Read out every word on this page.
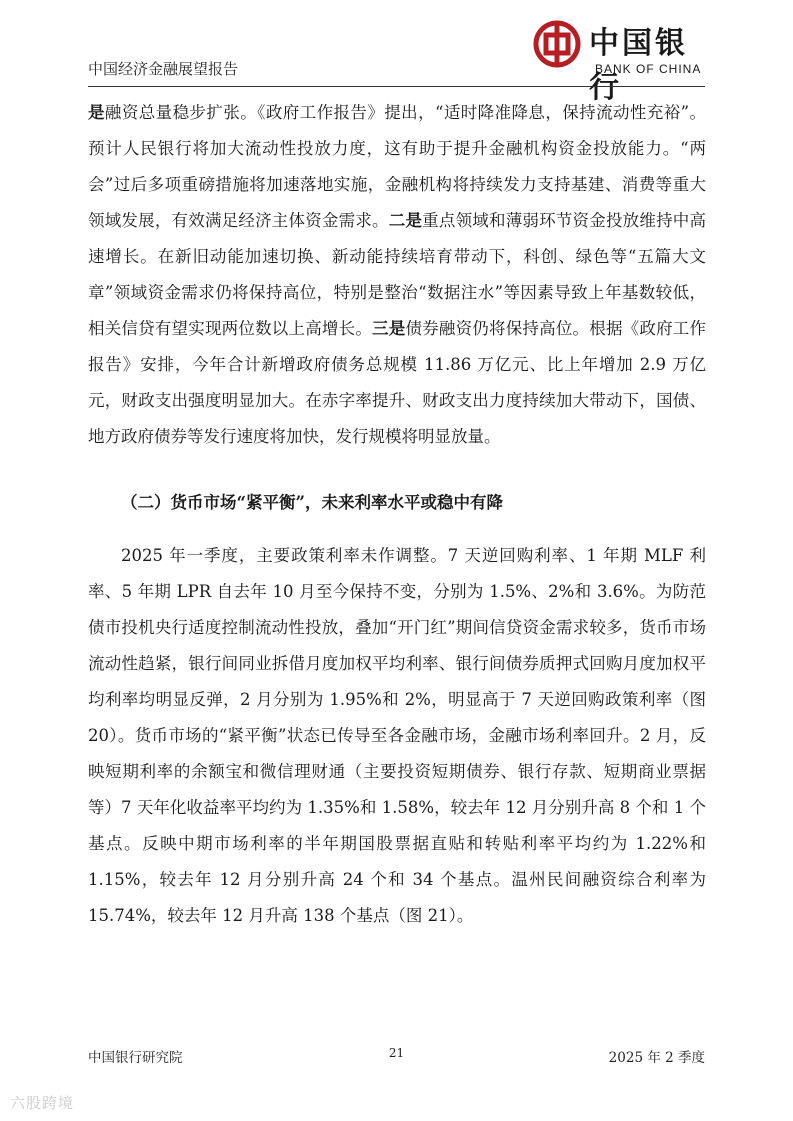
中国经济金融展望报告
中国银行
BANK OF CHINA

是融资总量稳步扩张。《政府工作报告》提出，“适时降准降息，保持流动性充裕”。预计人民银行将加大流动性投放力度，这有助于提升金融机构资金投放能力。“两会”过后多项重磅措施将加速落地实施，金融机构将持续发力支持基建、消费等重大领域发展，有效满足经济主体资金需求。二是重点领域和薄弱环节资金投放维持中高速增长。在新旧动能加速切换、新动能持续培育带动下，科创、绿色等“五篇大文章”领域资金需求仍将保持高位，特别是整治“数据注水”等因素导致上年基数较低，相关信贷有望实现两位数以上高增长。三是债券融资仍将保持高位。根据《政府工作报告》安排，今年合计新增政府债务总规模 11.86 万亿元、比上年增加 2.9 万亿元，财政支出强度明显加大。在赤字率提升、财政支出力度持续加大带动下，国债、地方政府债券等发行速度将加快，发行规模将明显放量。

（二）货币市场“紧平衡”，未来利率水平或稳中有降

2025 年一季度，主要政策利率未作调整。7 天逆回购利率、1 年期 MLF 利率、5 年期 LPR 自去年 10 月至今保持不变，分别为 1.5%、2%和 3.6%。为防范债市投机央行适度控制流动性投放，叠加“开门红”期间信贷资金需求较多，货币市场流动性趋紧，银行间同业拆借月度加权平均利率、银行间债券质押式回购月度加权平均利率均明显反弹，2 月分别为 1.95%和 2%，明显高于 7 天逆回购政策利率（图 20）。货币市场的“紧平衡”状态已传导至各金融市场，金融市场利率回升。2 月，反映短期利率的余额宝和微信理财通（主要投资短期债券、银行存款、短期商业票据等）7 天年化收益率平均约为 1.35%和 1.58%，较去年 12 月分别升高 8 个和 1 个基点。反映中期市场利率的半年期国股票据直贴和转贴利率平均约为 1.22%和 1.15%，较去年 12 月分别升高 24 个和 34 个基点。温州民间融资综合利率为 15.74%，较去年 12 月升高 138 个基点（图 21）。

中国银行研究院	21	2025 年 2 季度
六股跨境
